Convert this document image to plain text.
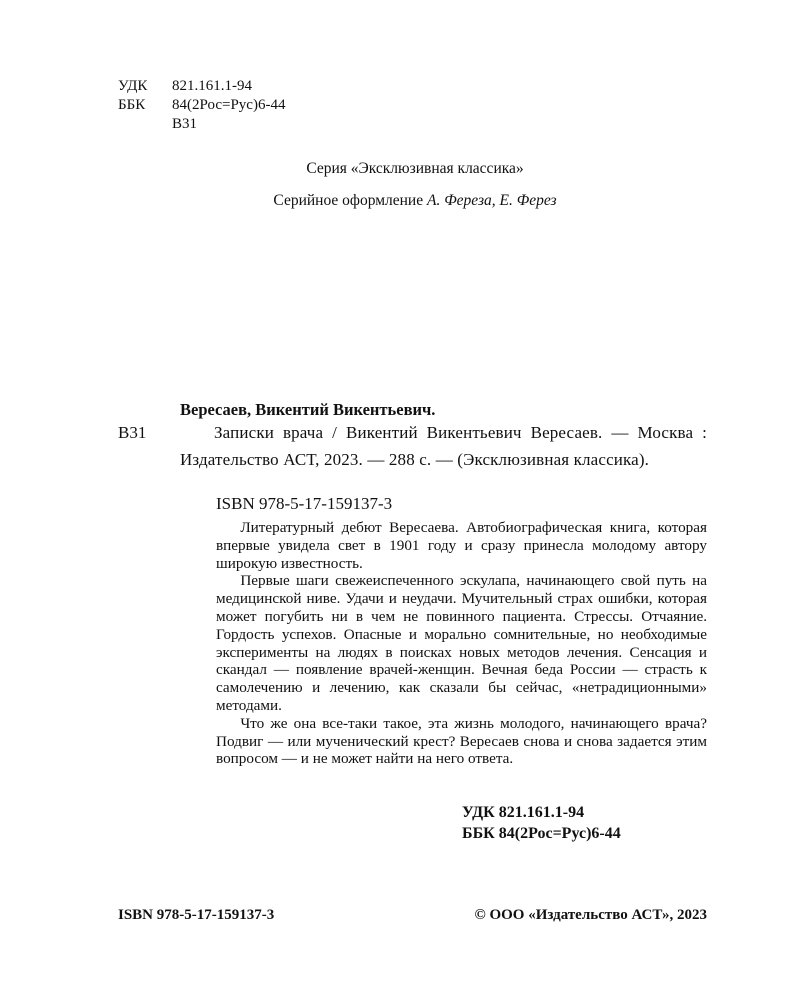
УДК 821.161.1-94
ББК 84(2Рос=Рус)6-44
В31
Серия «Эксклюзивная классика»
Серийное оформление А. Фереза, Е. Ферез
Вересаев, Викентий Викентьевич.
В31	Записки врача / Викентий Викентьевич Вересаев. — Москва : Издательство АСТ, 2023. — 288 с. — (Эксклюзивная классика).

ISBN 978-5-17-159137-3

Литературный дебют Вересаева. Автобиографическая книга, которая впервые увидела свет в 1901 году и сразу принесла молодому автору широкую известность.

Первые шаги свежеиспеченного эскулапа, начинающего свой путь на медицинской ниве. Удачи и неудачи. Мучительный страх ошибки, которая может погубить ни в чем не повинного пациента. Стрессы. Отчаяние. Гордость успехов. Опасные и морально сомнительные, но необходимые эксперименты на людях в поисках новых методов лечения. Сенсация и скандал — появление врачей-женщин. Вечная беда России — страсть к самолечению и лечению, как сказали бы сейчас, «нетрадиционными» методами.

Что же она все-таки такое, эта жизнь молодого, начинающего врача? Подвиг — или мученический крест? Вересаев снова и снова задается этим вопросом — и не может найти на него ответа.

УДК 821.161.1-94
ББК 84(2Рос=Рус)6-44
ISBN 978-5-17-159137-3	© ООО «Издательство АСТ», 2023
